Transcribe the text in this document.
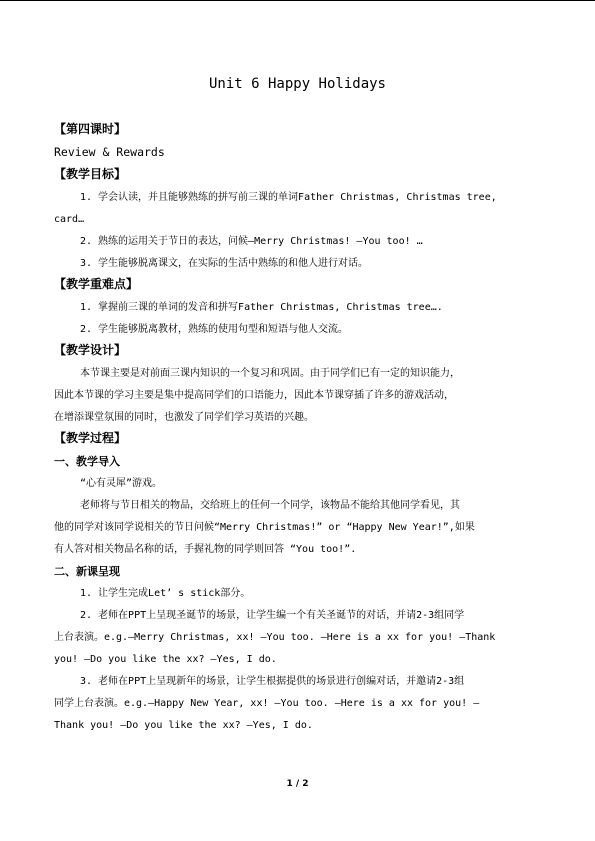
Unit 6 Happy Holidays
【第四课时】
Review & Rewards
【教学目标】
1. 学会认读，并且能够熟练的拼写前三课的单词Father Christmas, Christmas tree,
card…
2. 熟练的运用关于节日的表达，问候—Merry Christmas! —You too! …
3. 学生能够脱离课文，在实际的生活中熟练的和他人进行对话。
【教学重难点】
1. 掌握前三课的单词的发音和拼写Father Christmas, Christmas tree….
2. 学生能够脱离教材，熟练的使用句型和短语与他人交流。
【教学设计】
本节课主要是对前面三课内知识的一个复习和巩固。由于同学们已有一定的知识能力，
因此本节课的学习主要是集中提高同学们的口语能力，因此本节课穿插了许多的游戏活动，
在增添课堂氛围的同时，也激发了同学们学习英语的兴趣。
【教学过程】
一、教学导入
“心有灵犀”游戏。
老师将与节日相关的物品，交给班上的任何一个同学，该物品不能给其他同学看见，其
他的同学对该同学说相关的节日问候“Merry Christmas!” or “Happy New Year!”,如果
有人答对相关物品名称的话，手握礼物的同学则回答 “You too!”.
二、新课呈现
1. 让学生完成Let’ s stick部分。
2. 老师在PPT上呈现圣诞节的场景，让学生编一个有关圣诞节的对话，并请2-3组同学
上台表演。e.g.—Merry Christmas, xx! —You too. —Here is a xx for you! —Thank
you! —Do you like the xx? —Yes, I do.
3. 老师在PPT上呈现新年的场景，让学生根据提供的场景进行创编对话，并邀请2-3组
同学上台表演。e.g.—Happy New Year, xx! —You too. —Here is a xx for you! —
Thank you! —Do you like the xx? —Yes, I do.
1 / 2
